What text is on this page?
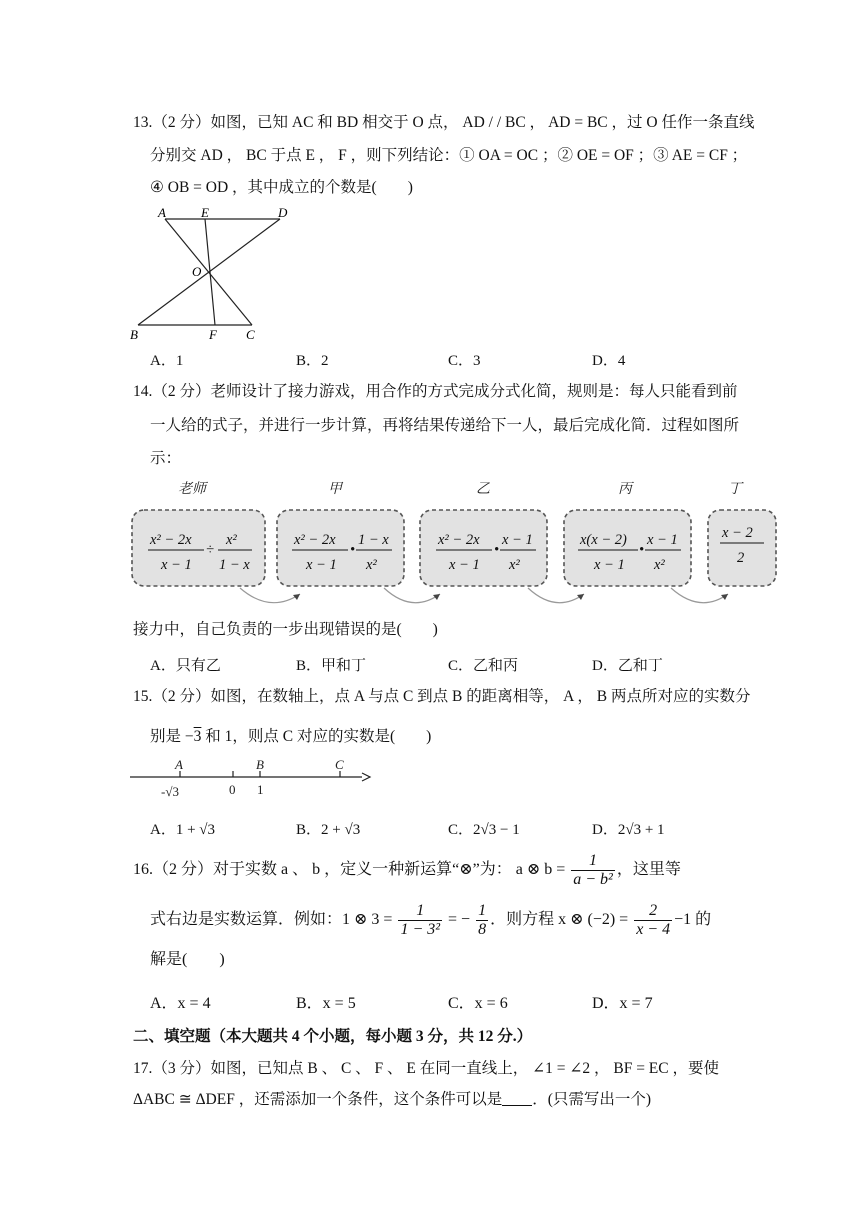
13.（2 分）如图，已知 AC 和 BD 相交于 O 点， AD / / BC ， AD = BC ，过 O 任作一条直线
分别交 AD ， BC 于点 E ， F ，则下列结论：① OA = OC ；② OE = OF ；③ AE = CF ；
④ OB = OD ，其中成立的个数是(　　)
A	E	D
O
B	F C
A．1	B．2	C．3	D．4
14.（2 分）老师设计了接力游戏，用合作的方式完成分式化简，规则是：每人只能看到前
一人给的式子，并进行一步计算，再将结果传递给下一人，最后完成化简．过程如图所
示：
老师	甲	乙	丙	丁
x² − 2x
x − 1
÷
x²
1 − x
x² − 2x
x − 1
•
1 − x
x²
x² − 2x
x − 1
•
x − 1
x²
x(x − 2)
x − 1
•
x − 1
x²
x − 2
2
接力中，自己负责的一步出现错误的是(　　)
A．只有乙	B．甲和丁	C．乙和丙	D．乙和丁
15.（2 分）如图，在数轴上，点 A 与点 C 到点 B 的距离相等， A ， B 两点所对应的实数分
别是 −3 和 1，则点 C 对应的实数是(　　)
A	B	C
-√3	0 1
A．1 + √3	B．2 + √3	C．2√3 − 1	D．2√3 + 1
16.（2 分）对于实数 a 、 b ，定义一种新运算“⊗”为： a ⊗ $b = \frac{1}{\text{a − b²}}$ ，这里等
式右边是实数运算．例如：1 ⊗ $3 = \frac{1}{\text{1 − 3²}}$ = − $\frac{1}{8}$ ．则方程 x ⊗ $(-2) = \frac{2}{x - 4} -1$ 的
解是(　　)
A．x = 4	B．x = 5	C．x = 6	D．x = 7
二、填空题（本大题共 4 个小题，每小题 3 分，共 12 分.）
17.（3 分）如图，已知点 B 、 C 、 F 、 E 在同一直线上， ∠1 = ∠2 ， BF = EC ，要使
ΔABC ≅ ΔDEF ，还需添加一个条件，这个条件可以是 ．(只需写出一个)
